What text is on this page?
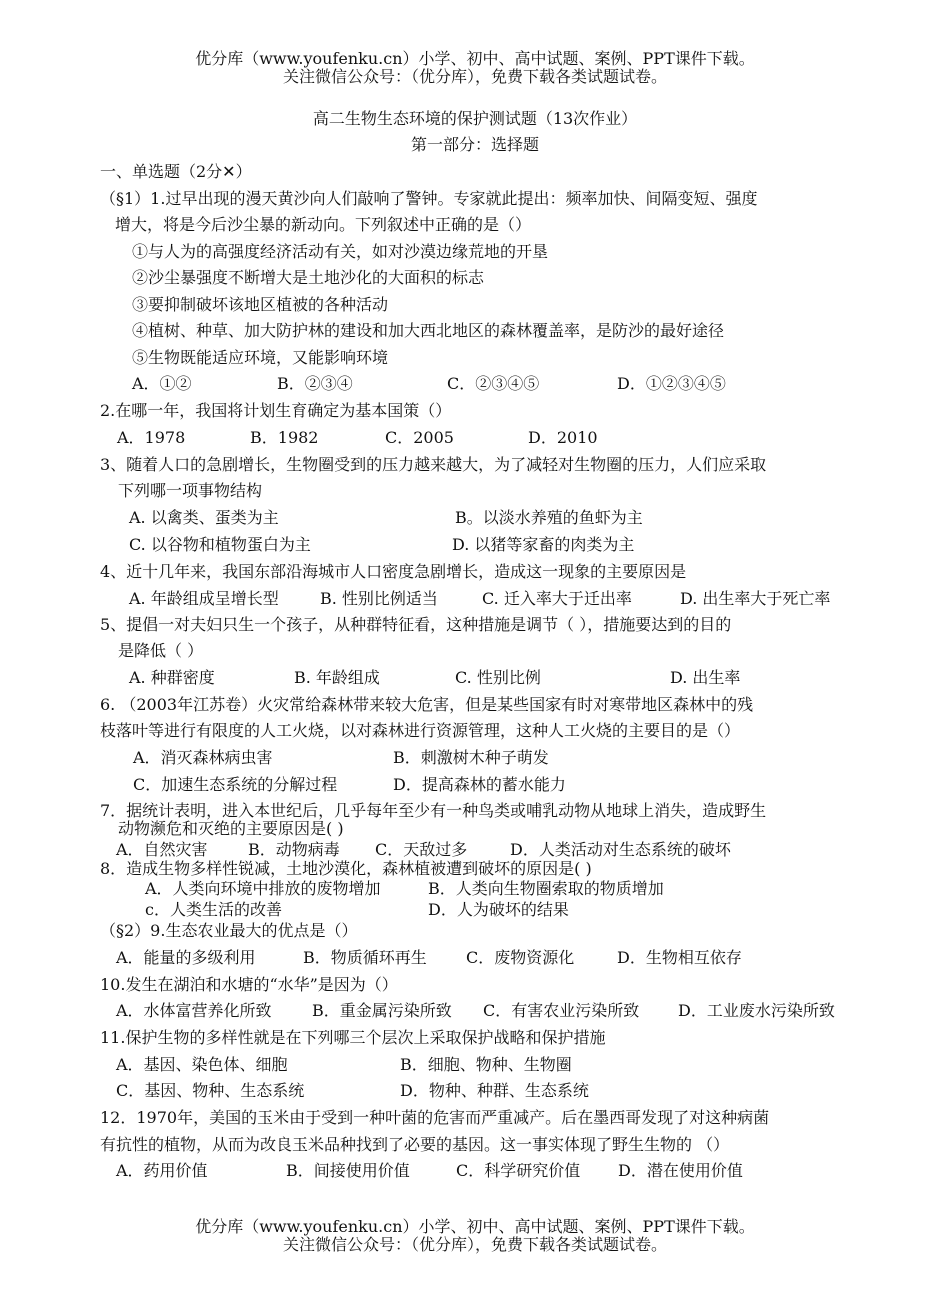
优分库（www.youfenku.cn）小学、初中、高中试题、案例、PPT课件下载。
关注微信公众号：（优分库），免费下载各类试题试卷。
高二生物生态环境的保护测试题（13次作业）
第一部分：选择题
一、单选题（2分✕）
（§1）1.过早出现的漫天黄沙向人们敲响了警钟。专家就此提出：频率加快、间隔变短、强度
增大，将是今后沙尘暴的新动向。下列叙述中正确的是（）
①与人为的高强度经济活动有关，如对沙漠边缘荒地的开垦
②沙尘暴强度不断增大是土地沙化的大面积的标志
③要抑制破坏该地区植被的各种活动
④植树、种草、加大防护林的建设和加大西北地区的森林覆盖率，是防沙的最好途径
⑤生物既能适应环境，又能影响环境
A．①②	B．②③④	C．②③④⑤	D．①②③④⑤
2.在哪一年，我国将计划生育确定为基本国策（）
A．1978	B．1982	C．2005	D．2010
3、随着人口的急剧增长，生物圈受到的压力越来越大，为了减轻对生物圈的压力，人们应采取
下列哪一项事物结构
A. 以禽类、蛋类为主	B。以淡水养殖的鱼虾为主
C. 以谷物和植物蛋白为主	D. 以猪等家畜的肉类为主
4、近十几年来，我国东部沿海城市人口密度急剧增长，造成这一现象的主要原因是
A. 年龄组成呈增长型	B. 性别比例适当	C. 迁入率大于迁出率	D. 出生率大于死亡率
5、提倡一对夫妇只生一个孩子，从种群特征看，这种措施是调节（ ），措施要达到的目的
是降低（ ）
A. 种群密度	B. 年龄组成	C. 性别比例	D. 出生率
6. （2003年江苏卷）火灾常给森林带来较大危害，但是某些国家有时对寒带地区森林中的残
枝落叶等进行有限度的人工火烧，以对森林进行资源管理，这种人工火烧的主要目的是（）
A．消灭森林病虫害	B．刺激树木种子萌发
C．加速生态系统的分解过程	D．提高森林的蓄水能力
7．据统计表明，进入本世纪后，几乎每年至少有一种鸟类或哺乳动物从地球上消失，造成野生
动物濒危和灭绝的主要原因是( )
A．自然灾害	B．动物病毒 C．天敌过多	D．人类活动对生态系统的破坏
8．造成生物多样性锐减，土地沙漠化，森林植被遭到破坏的原因是( )
A．人类向环境中排放的废物增加	B．人类向生物圈索取的物质增加
c．人类生活的改善	D．人为破坏的结果
（§2）9.生态农业最大的优点是（）
A．能量的多级利用	B．物质循环再生 C．废物资源化	D．生物相互依存
10.发生在湖泊和水塘的“水华”是因为（）
A．水体富营养化所致	B．重金属污染所致 C．有害农业污染所致 D．工业废水污染所致
11.保护生物的多样性就是在下列哪三个层次上采取保护战略和保护措施
A．基因、染色体、细胞	B．细胞、物种、生物圈
C．基因、物种、生态系统	D．物种、种群、生态系统
12．1970年，美国的玉米由于受到一种叶菌的危害而严重减产。后在墨西哥发现了对这种病菌
有抗性的植物，从而为改良玉米品种找到了必要的基因。这一事实体现了野生生物的 （）
A．药用价值	B．间接使用价值	C．科学研究价值 D．潜在使用价值
优分库（www.youfenku.cn）小学、初中、高中试题、案例、PPT课件下载。
关注微信公众号：（优分库），免费下载各类试题试卷。
